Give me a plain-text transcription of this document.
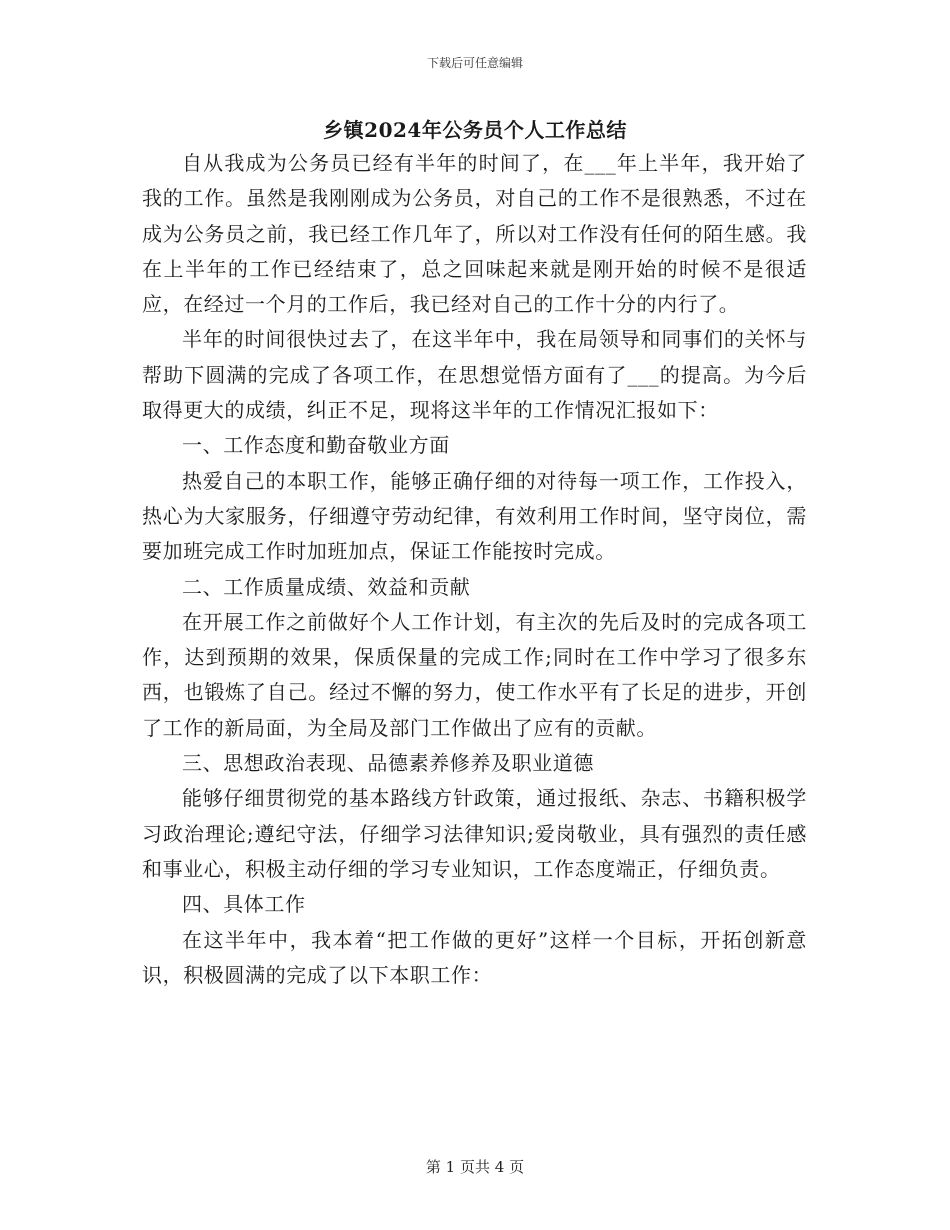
下载后可任意编辑
乡镇2024年公务员个人工作总结

自从我成为公务员已经有半年的时间了，在___年上半年，我开始了我的工作。虽然是我刚刚成为公务员，对自己的工作不是很熟悉，不过在成为公务员之前，我已经工作几年了，所以对工作没有任何的陌生感。我在上半年的工作已经结束了，总之回味起来就是刚开始的时候不是很适应，在经过一个月的工作后，我已经对自己的工作十分的内行了。

半年的时间很快过去了，在这半年中，我在局领导和同事们的关怀与帮助下圆满的完成了各项工作，在思想觉悟方面有了___的提高。为今后取得更大的成绩，纠正不足，现将这半年的工作情况汇报如下：

一、工作态度和勤奋敬业方面

热爱自己的本职工作，能够正确仔细的对待每一项工作，工作投入，热心为大家服务，仔细遵守劳动纪律，有效利用工作时间，坚守岗位，需要加班完成工作时加班加点，保证工作能按时完成。

二、工作质量成绩、效益和贡献

在开展工作之前做好个人工作计划，有主次的先后及时的完成各项工作，达到预期的效果，保质保量的完成工作;同时在工作中学习了很多东西，也锻炼了自己。经过不懈的努力，使工作水平有了长足的进步，开创了工作的新局面，为全局及部门工作做出了应有的贡献。

三、思想政治表现、品德素养修养及职业道德

能够仔细贯彻党的基本路线方针政策，通过报纸、杂志、书籍积极学习政治理论;遵纪守法，仔细学习法律知识;爱岗敬业，具有强烈的责任感和事业心，积极主动仔细的学习专业知识，工作态度端正，仔细负责。

四、具体工作

在这半年中，我本着“把工作做的更好”这样一个目标，开拓创新意识，积极圆满的完成了以下本职工作：

第 1 页共 4 页
